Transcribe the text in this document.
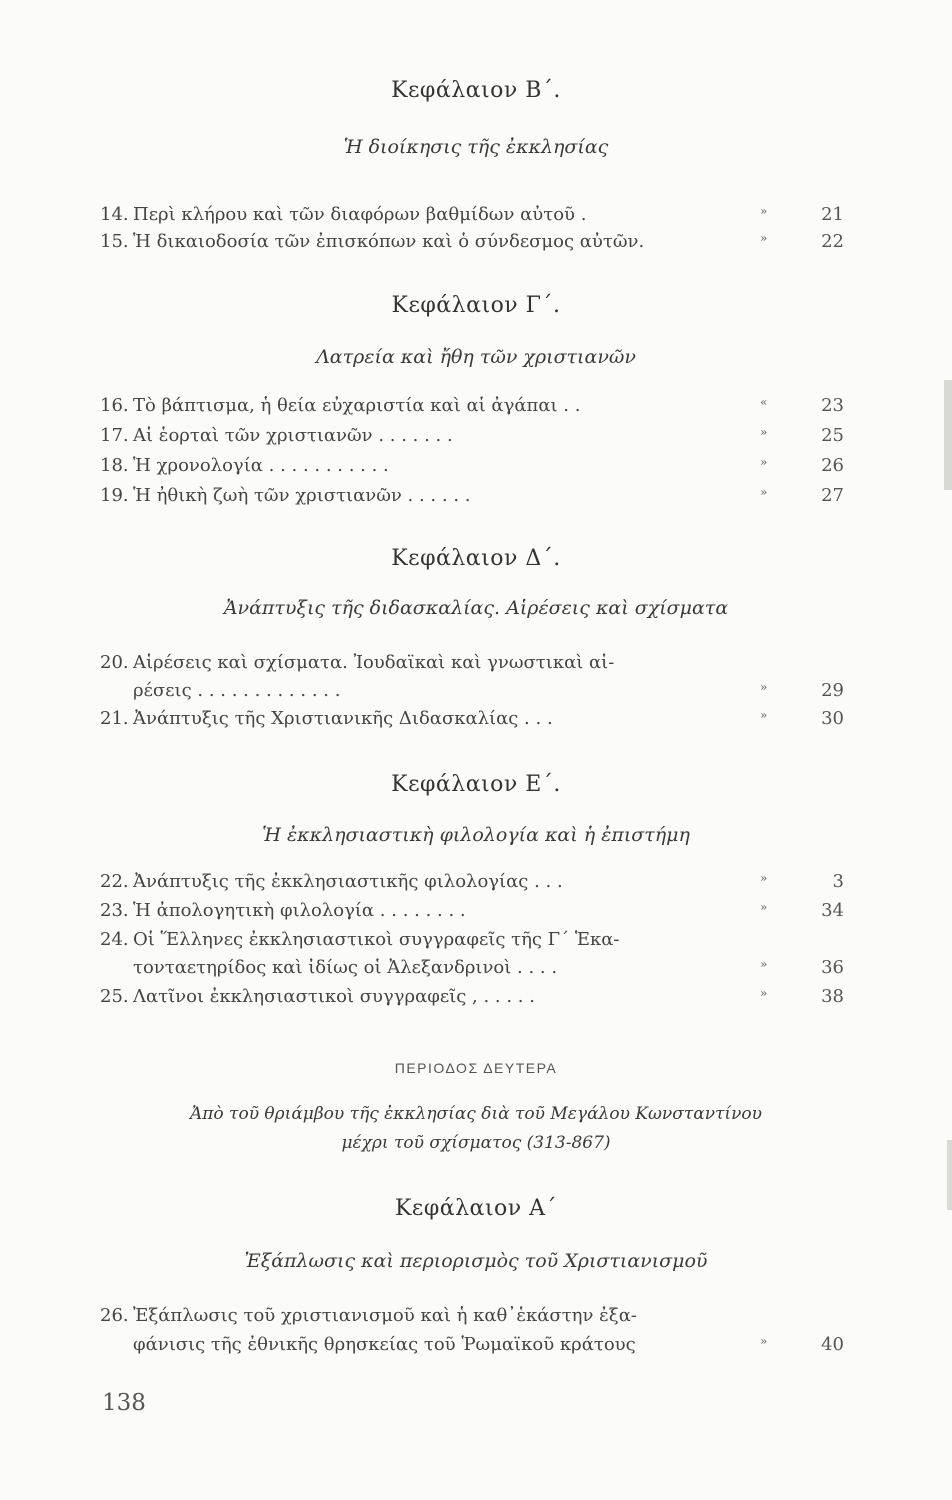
Κεφάλαιον Β΄.
Ἡ διοίκησις τῆς ἐκκλησίας
14. Περὶ κλήρου καὶ τῶν διαφόρων βαθμίδων αὐτοῦ .	»	21
15. Ἡ δικαιοδοσία τῶν ἐπισκόπων καὶ ὁ σύνδεσμος αὐτῶν.	»	22
Κεφάλαιον Γ΄.
Λατρεία καὶ ἤθη τῶν χριστιανῶν
16. Τὸ βάπτισμα, ἡ θεία εὐχαριστία καὶ αἱ ἀγάπαι . .	«	23
17. Αἱ ἑορταὶ τῶν χριστιανῶν . . . . . . .	»	25
18. Ἡ χρονολογία . . . . . . . . . . .	»	26
19. Ἡ ἠθικὴ ζωὴ τῶν χριστιανῶν . . . . . .	»	27
Κεφάλαιον Δ΄.
Ἀνάπτυξις τῆς διδασκαλίας. Αἱρέσεις καὶ σχίσματα
20. Αἱρέσεις καὶ σχίσματα. Ἰουδαϊκαὶ καὶ γνωστικαὶ αἱ-
ρέσεις . . . . . . . . . . . . .	»	29
21. Ἀνάπτυξις τῆς Χριστιανικῆς Διδασκαλίας . . .	»	30
Κεφάλαιον Ε΄.
Ἡ ἐκκλησιαστικὴ φιλολογία καὶ ἡ ἐπιστήμη
22. Ἀνάπτυξις τῆς ἐκκλησιαστικῆς φιλολογίας . . .	»	3
23. Ἡ ἀπολογητικὴ φιλολογία . . . . . . . .	»	34
24. Οἱ Ἕλληνες ἐκκλησιαστικοὶ συγγραφεῖς τῆς Γ΄ Ἑκα-
τονταετηρίδος καὶ ἰδίως οἱ Ἀλεξανδρινοὶ . . . .	»	36
25. Λατῖνοι ἐκκλησιαστικοὶ συγγραφεῖς , . . . . .	»	38
ΠΕΡΙΟΔΟΣ ΔΕΥΤΕΡΑ
Ἀπὸ τοῦ θριάμβου τῆς ἐκκλησίας διὰ τοῦ Μεγάλου Κωνσταντίνου
μέχρι τοῦ σχίσματος (313-867)
Κεφάλαιον Α΄
Ἐξάπλωσις καὶ περιορισμὸς τοῦ Χριστιανισμοῦ
26. Ἐξάπλωσις τοῦ χριστιανισμοῦ καὶ ἡ καθ᾽ἑκάστην ἐξα-
φάνισις τῆς ἐθνικῆς θρησκείας τοῦ Ῥωμαϊκοῦ κράτους	»	40
138
